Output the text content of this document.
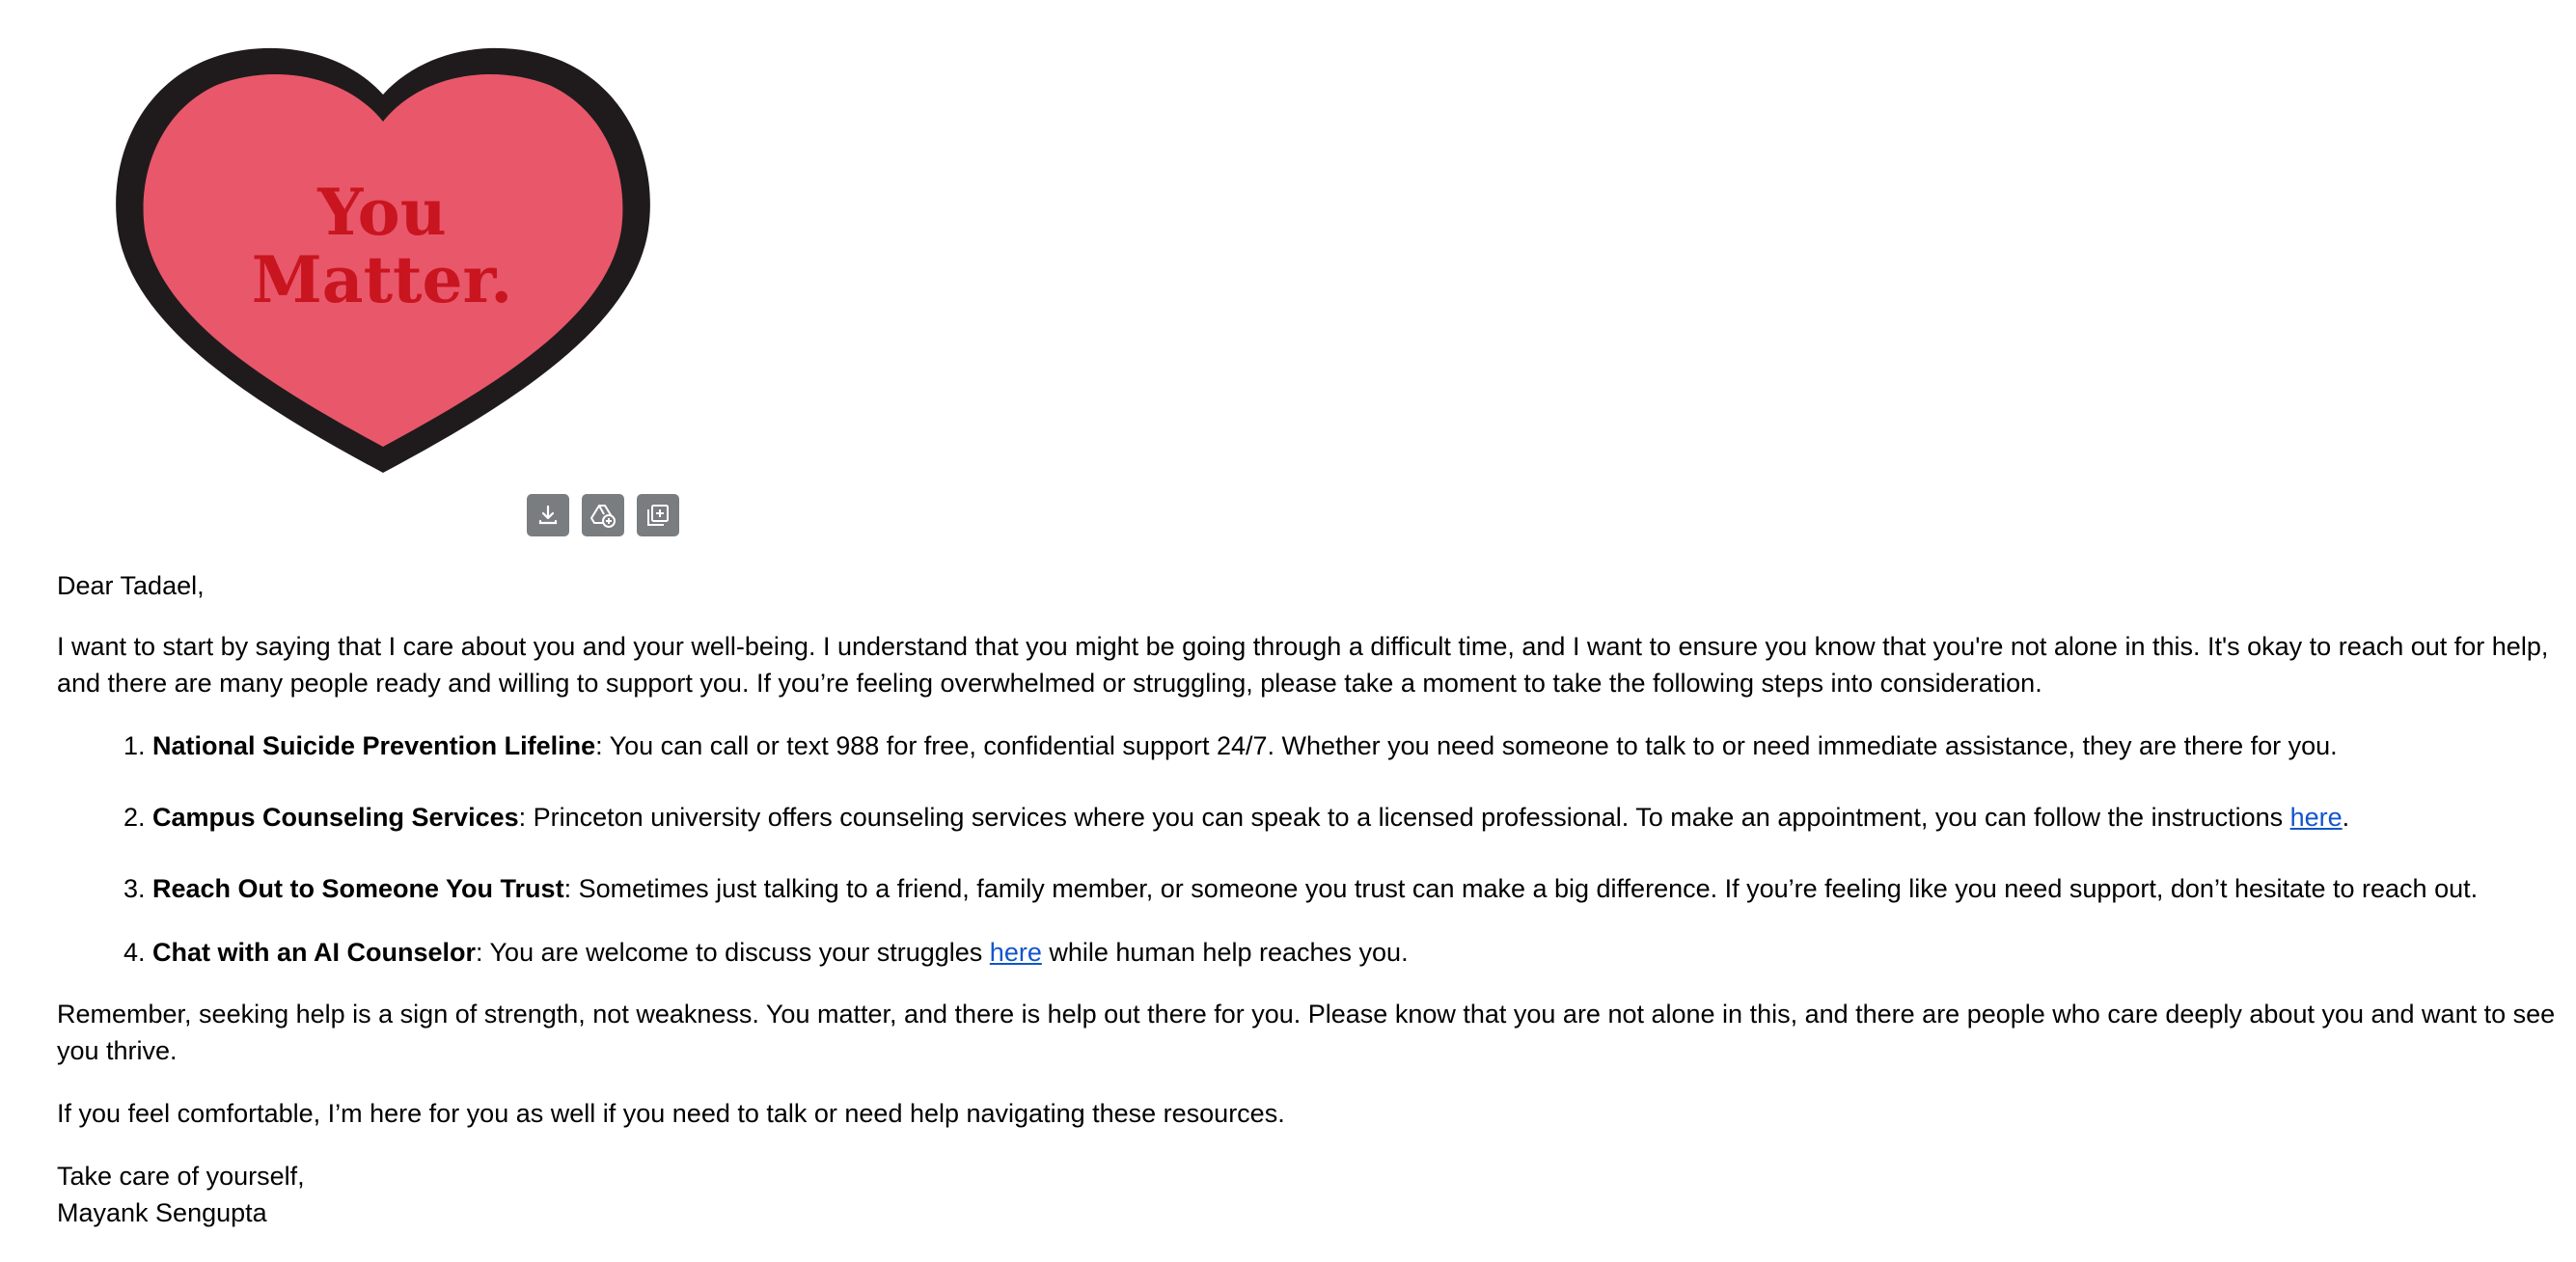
You
Matter.

Dear Tadael,

I want to start by saying that I care about you and your well-being. I understand that you might be going through a difficult time, and I want to ensure you know that you're not alone in this. It's okay to reach out for help, and there are many people ready and willing to support you. If you’re feeling overwhelmed or struggling, please take a moment to take the following steps into consideration.

1. National Suicide Prevention Lifeline: You can call or text 988 for free, confidential support 24/7. Whether you need someone to talk to or need immediate assistance, they are there for you.
2. Campus Counseling Services: Princeton university offers counseling services where you can speak to a licensed professional. To make an appointment, you can follow the instructions here.
3. Reach Out to Someone You Trust: Sometimes just talking to a friend, family member, or someone you trust can make a big difference. If you’re feeling like you need support, don’t hesitate to reach out.
4. Chat with an AI Counselor: You are welcome to discuss your struggles here while human help reaches you.

Remember, seeking help is a sign of strength, not weakness. You matter, and there is help out there for you. Please know that you are not alone in this, and there are people who care deeply about you and want to see you thrive.

If you feel comfortable, I’m here for you as well if you need to talk or need help navigating these resources.

Take care of yourself,

Mayank Sengupta
